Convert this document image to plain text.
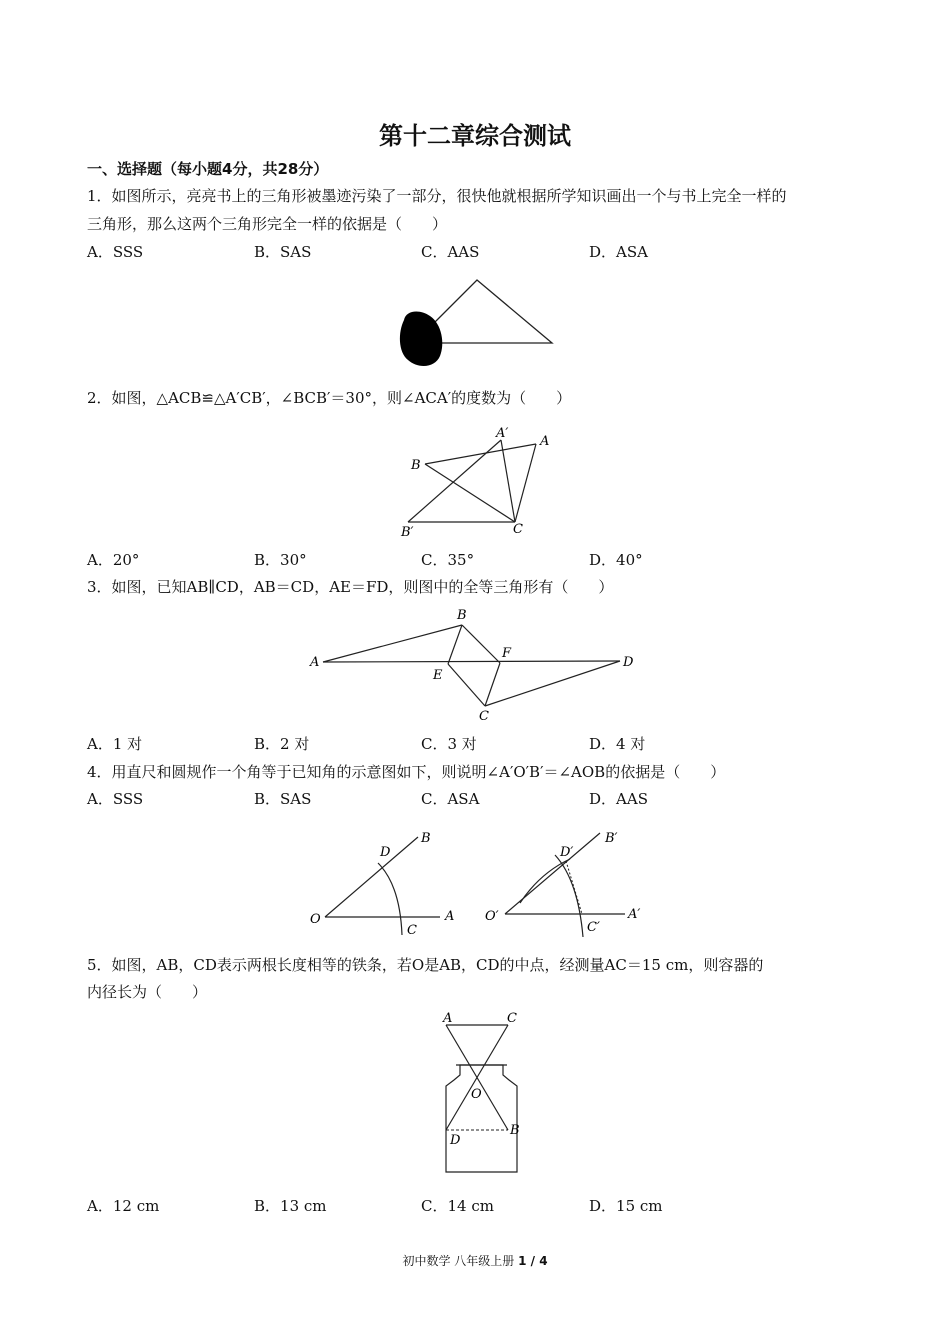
第十二章综合测试
一、选择题（每小题4分，共28分）
1．如图所示，亮亮书上的三角形被墨迹污染了一部分，很快他就根据所学知识画出一个与书上完全一样的
三角形，那么这两个三角形完全一样的依据是（　　）
A．SSS	B．SAS	C．AAS	D．ASA
2．如图，△ACB≌△A′CB′，∠BCB′＝30°，则∠ACA′的度数为（　　）
A′
A
B
B′	C
A．20°	B．30°	C．35°	D．40°
3．如图，已知AB∥CD，AB＝CD，AE＝FD，则图中的全等三角形有（　　）
A
B
E
F
C
D
A．1 对	B．2 对	C．3 对	D．4 对
4．用直尺和圆规作一个角等于已知角的示意图如下，则说明∠A′O′B′＝∠AOB的依据是（　　）
A．SSS	B．SAS	C．ASA	D．AAS
D
B
O
C
A
D′
B′
O′
C′
A′
5．如图，AB，CD表示两根长度相等的铁条，若O是AB，CD的中点，经测量AC＝15 cm，则容器的
内径长为（　　）
A	C
O
D
B
A．12 cm	B．13 cm	C．14 cm	D．15 cm
初中数学 八年级上册 1 / 4
